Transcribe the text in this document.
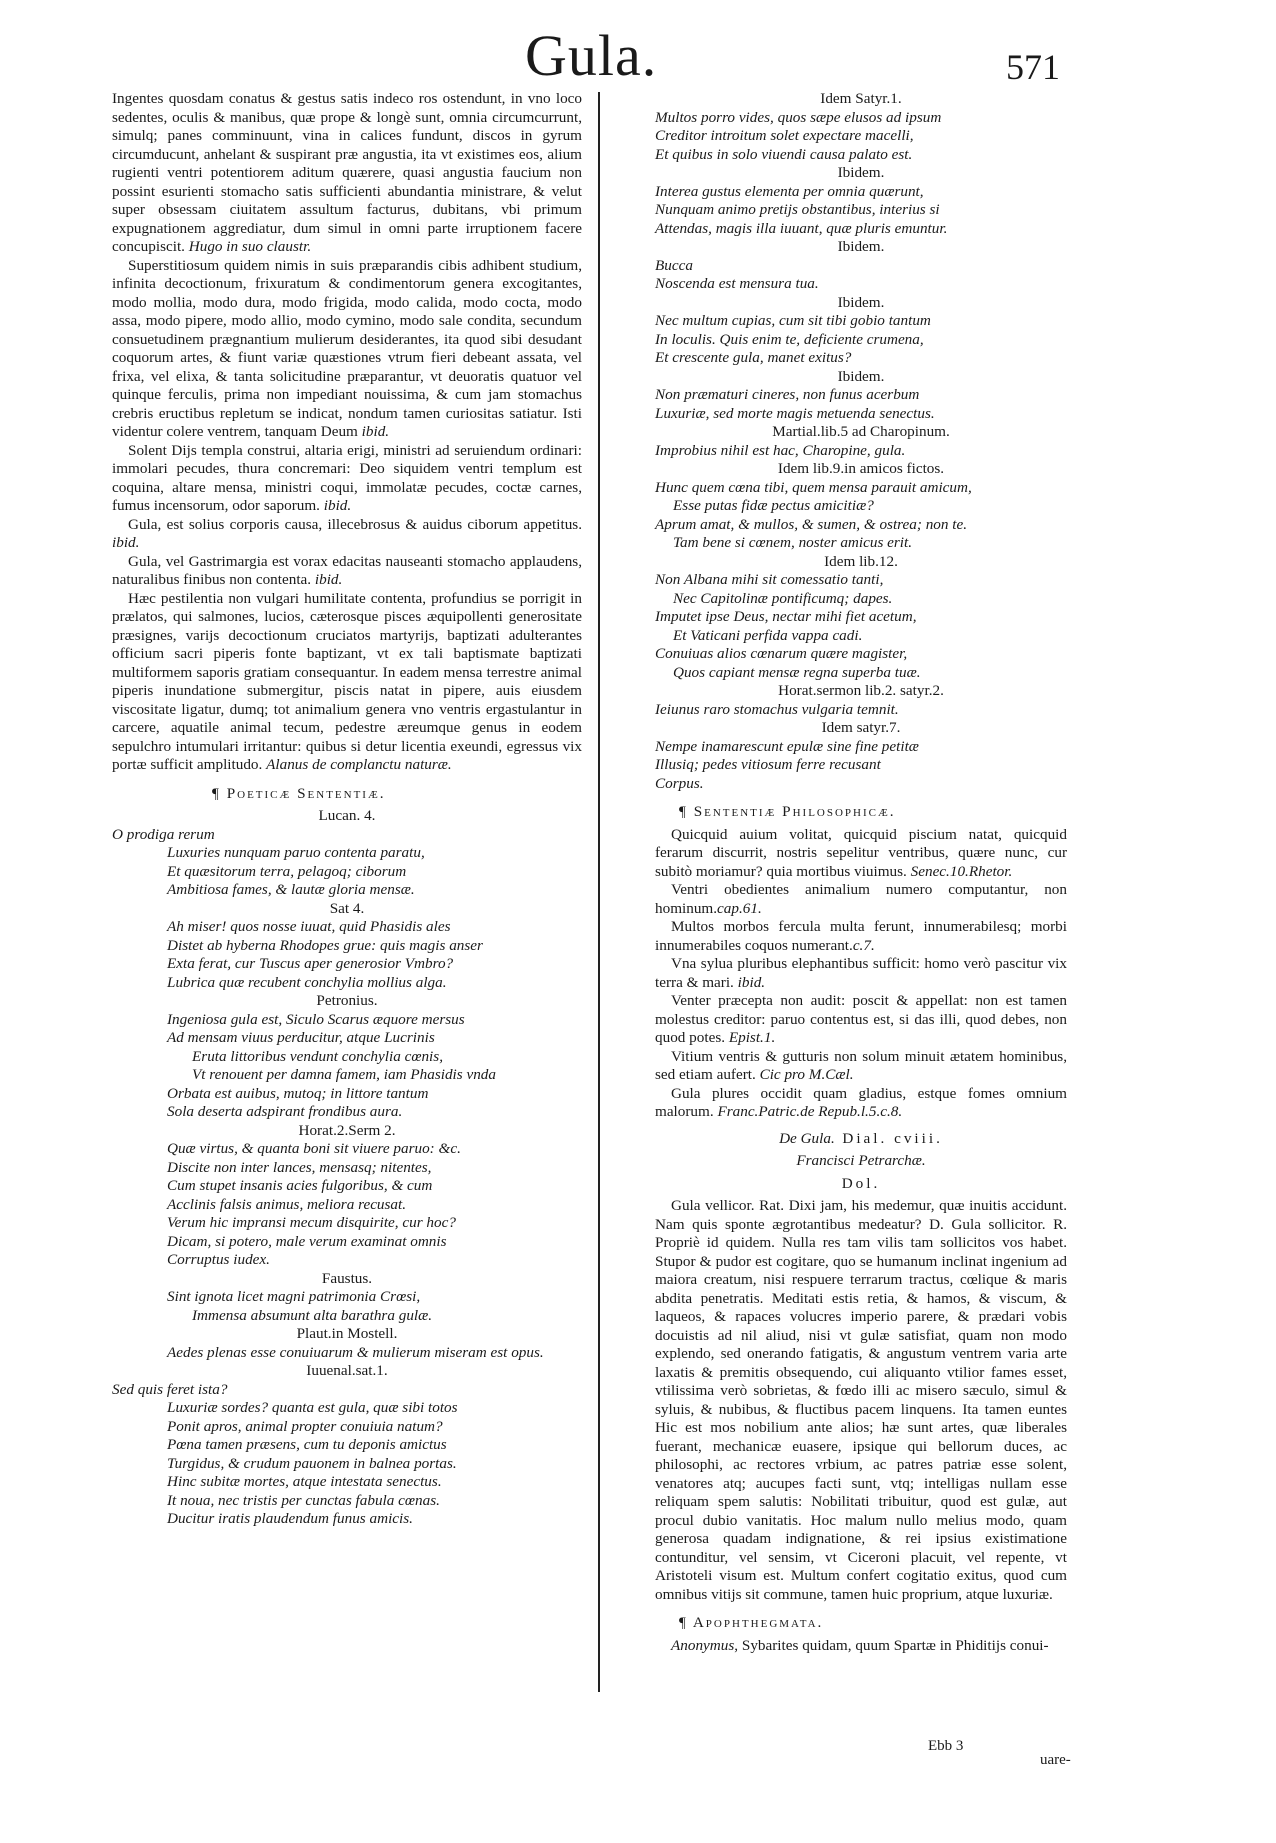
Gula.	571

Ingentes quosdam conatus & gestus satis indeco ros ostendunt, in vno loco sedentes, oculis & manibus, quæ prope & longè sunt, omnia circumcurrunt, simulq; panes comminuunt, vina in calices fundunt, discos in gyrum circumducunt, anhelant & suspirant præ angustia, ita vt existimes eos, alium rugienti ventri potentiorem aditum quærere, quasi angustia faucium non possint esurienti stomacho satis sufficienti abundantia ministrare, & velut super obsessam ciuitatem assultum facturus, dubitans, vbi primum expugnationem aggrediatur, dum simul in omni parte irruptionem facere concupiscit. Hugo in suo claustr.

Superstitiosum quidem nimis in suis præparandis cibis adhibent studium, infinita decoctionum, frixuratum & condimentorum genera excogitantes, modo mollia, modo dura, modo frigida, modo calida, modo cocta, modo assa, modo pipere, modo allio, modo cymino, modo sale condita, secundum consuetudinem prægnantium mulierum desiderantes, ita quod sibi desudant coquorum artes, & fiunt variæ quæstiones vtrum fieri debeant assata, vel frixa, vel elixa, & tanta solicitudine præparantur, vt deuoratis quatuor vel quinque ferculis, prima non impediant nouissima, & cum jam stomachus crebris eructibus repletum se indicat, nondum tamen curiositas satiatur. Isti videntur colere ventrem, tanquam Deum ibid.

Solent Dijs templa construi, altaria erigi, ministri ad seruiendum ordinari: immolari pecudes, thura concremari: Deo siquidem ventri templum est coquina, altare mensa, ministri coqui, immolatæ pecudes, coctæ carnes, fumus incensorum, odor saporum. ibid.

Gula, est solius corporis causa, illecebrosus & auidus ciborum appetitus. ibid.

Gula, vel Gastrimargia est vorax edacitas nauseanti stomacho applaudens, naturalibus finibus non contenta. ibid.

Hæc pestilentia non vulgari humilitate contenta, profundius se porrigit in prælatos, qui salmones, lucios, cæterosque pisces æquipollenti generositate præsignes, varijs decoctionum cruciatos martyrijs, baptizati adulterantes officium sacri piperis fonte baptizant, vt ex tali baptismate baptizati multiformem saporis gratiam consequantur. In eadem mensa terrestre animal piperis inundatione submergitur, piscis natat in pipere, auis eiusdem viscositate ligatur, dumq; tot animalium genera vno ventris ergastulantur in carcere, aquatile animal tecum, pedestre æreumque genus in eodem sepulchro intumulari irritantur: quibus si detur licentia exeundi, egressus vix portæ sufficit amplitudo. Alanus de complanctu naturæ.

¶ Poeticæ Sententiæ.
Lucan. 4.
O prodiga rerum
Luxuries nunquam paruo contenta paratu,
Et quæsitorum terra, pelagoq; ciborum
Ambitiosa fames, & lautæ gloria mensæ.
Sat 4.
Ah miser! quos nosse iuuat, quid Phasidis ales
Distet ab hyberna Rhodopes grue: quis magis anser
Exta ferat, cur Tuscus aper generosior Vmbro?
Lubrica quæ recubent conchylia mollius alga.
Petronius.
Ingeniosa gula est, Siculo Scarus æquore mersus
Ad mensam viuus perducitur, atque Lucrinis
Eruta littoribus vendunt conchylia cœnis,
Vt renouent per damna famem, iam Phasidis vnda
Orbata est auibus, mutoq; in littore tantum
Sola deserta adspirant frondibus aura.
Horat.2.Serm 2.
Quæ virtus, & quanta boni sit viuere paruo: &c.
Discite non inter lances, mensasq; nitentes,
Cum stupet insanis acies fulgoribus, & cum
Acclinis falsis animus, meliora recusat.
Verum hic impransi mecum disquirite, cur hoc?
Dicam, si potero, male verum examinat omnis
Corruptus iudex.
Faustus.
Sint ignota licet magni patrimonia Crœsi,
Immensa absumunt alta barathra gulæ.
Plaut.in Mostell.
Aedes plenas esse conuiuarum & mulierum miseram est opus.
Iuuenal.sat.1.
Sed quis feret ista?
Luxuriæ sordes? quanta est gula, quæ sibi totos
Ponit apros, animal propter conuiuia natum?
Pœna tamen præsens, cum tu deponis amictus
Turgidus, & crudum pauonem in balnea portas.
Hinc subitæ mortes, atque intestata senectus.
It noua, nec tristis per cunctas fabula cœnas.
Ducitur iratis plaudendum funus amicis.
Idem Satyr.1.
Multos porro vides, quos sæpe elusos ad ipsum
Creditor introitum solet expectare macelli,
Et quibus in solo viuendi causa palato est.
Ibidem.
Interea gustus elementa per omnia quærunt,
Nunquam animo pretijs obstantibus, interius si
Attendas, magis illa iuuant, quæ pluris emuntur.
Ibidem.
Bucca
Noscenda est mensura tua.
Ibidem.
Nec multum cupias, cum sit tibi gobio tantum
In loculis. Quis enim te, deficiente crumena,
Et crescente gula, manet exitus?
Ibidem.
Non præmaturi cineres, non funus acerbum
Luxuriæ, sed morte magis metuenda senectus.
Martial.lib.5 ad Charopinum.
Improbius nihil est hac, Charopine, gula.
Idem lib.9.in amicos fictos.
Hunc quem cœna tibi, quem mensa parauit amicum,
Esse putas fidæ pectus amicitiæ?
Aprum amat, & mullos, & sumen, & ostrea; non te.
Tam bene si cœnem, noster amicus erit.
Idem lib.12.
Non Albana mihi sit comessatio tanti,
Nec Capitolinæ pontificumq; dapes.
Imputet ipse Deus, nectar mihi fiet acetum,
Et Vaticani perfida vappa cadi.
Conuiuas alios cœnarum quære magister,
Quos capiant mensæ regna superba tuæ.
Horat.sermon lib.2. satyr.2.
Ieiunus raro stomachus vulgaria temnit.
Idem satyr.7.
Nempe inamarescunt epulæ sine fine petitæ
Illusiq; pedes vitiosum ferre recusant
Corpus.
¶ Sententiæ Philosophicæ.

Quicquid auium volitat, quicquid piscium natat, quicquid ferarum discurrit, nostris sepelitur ventribus, quære nunc, cur subitò moriamur? quia mortibus viuimus. Senec.10.Rhetor.

Ventri obedientes animalium numero computantur, non hominum.cap.61.

Multos morbos fercula multa ferunt, innumerabilesq; morbi innumerabiles coquos numerant.c.7.

Vna sylua pluribus elephantibus sufficit: homo verò pascitur vix terra & mari. ibid.

Venter præcepta non audit: poscit & appellat: non est tamen molestus creditor: paruo contentus est, si das illi, quod debes, non quod potes. Epist.1.

Vitium ventris & gutturis non solum minuit ætatem hominibus, sed etiam aufert. Cic pro M.Cæl.

Gula plures occidit quam gladius, estque fomes omnium malorum. Franc.Patric.de Repub.l.5.c.8.

De Gula. Dial. cviii.
Francisci Petrarchæ.
Dol.

Gula vellicor. Rat. Dixi jam, his medemur, quæ inuitis accidunt. Nam quis sponte ægrotantibus medeatur? D. Gula sollicitor. R. Propriè id quidem. Nulla res tam vilis tam sollicitos vos habet. Stupor & pudor est cogitare, quo se humanum inclinat ingenium ad maiora creatum, nisi respuere terrarum tractus, cœlique & maris abdita penetratis. Meditati estis retia, & hamos, & viscum, & laqueos, & rapaces volucres imperio parere, & prædari vobis docuistis ad nil aliud, nisi vt gulæ satisfiat, quam non modo explendo, sed onerando fatigatis, & angustum ventrem varia arte laxatis & premitis obsequendo, cui aliquanto vtilior fames esset, vtilissima verò sobrietas, & fœdo illi ac misero sæculo, simul & syluis, & nubibus, & fluctibus pacem linquens. Ita tamen euntes Hic est mos nobilium ante alios; hæ sunt artes, quæ liberales fuerant, mechanicæ euasere, ipsique qui bellorum duces, ac philosophi, ac rectores vrbium, ac patres patriæ esse solent, venatores atq; aucupes facti sunt, vtq; intelligas nullam esse reliquam spem salutis: Nobilitati tribuitur, quod est gulæ, aut procul dubio vanitatis. Hoc malum nullo melius modo, quam generosa quadam indignatione, & rei ipsius existimatione contunditur, vel sensim, vt Ciceroni placuit, vel repente, vt Aristoteli visum est. Multum confert cogitatio exitus, quod cum omnibus vitijs sit commune, tamen huic proprium, atque luxuriæ.

¶ Apophthegmata.

Anonymus, Sybarites quidam, quum Spartæ in Phiditijs conui-

Ebb 3
uare-
